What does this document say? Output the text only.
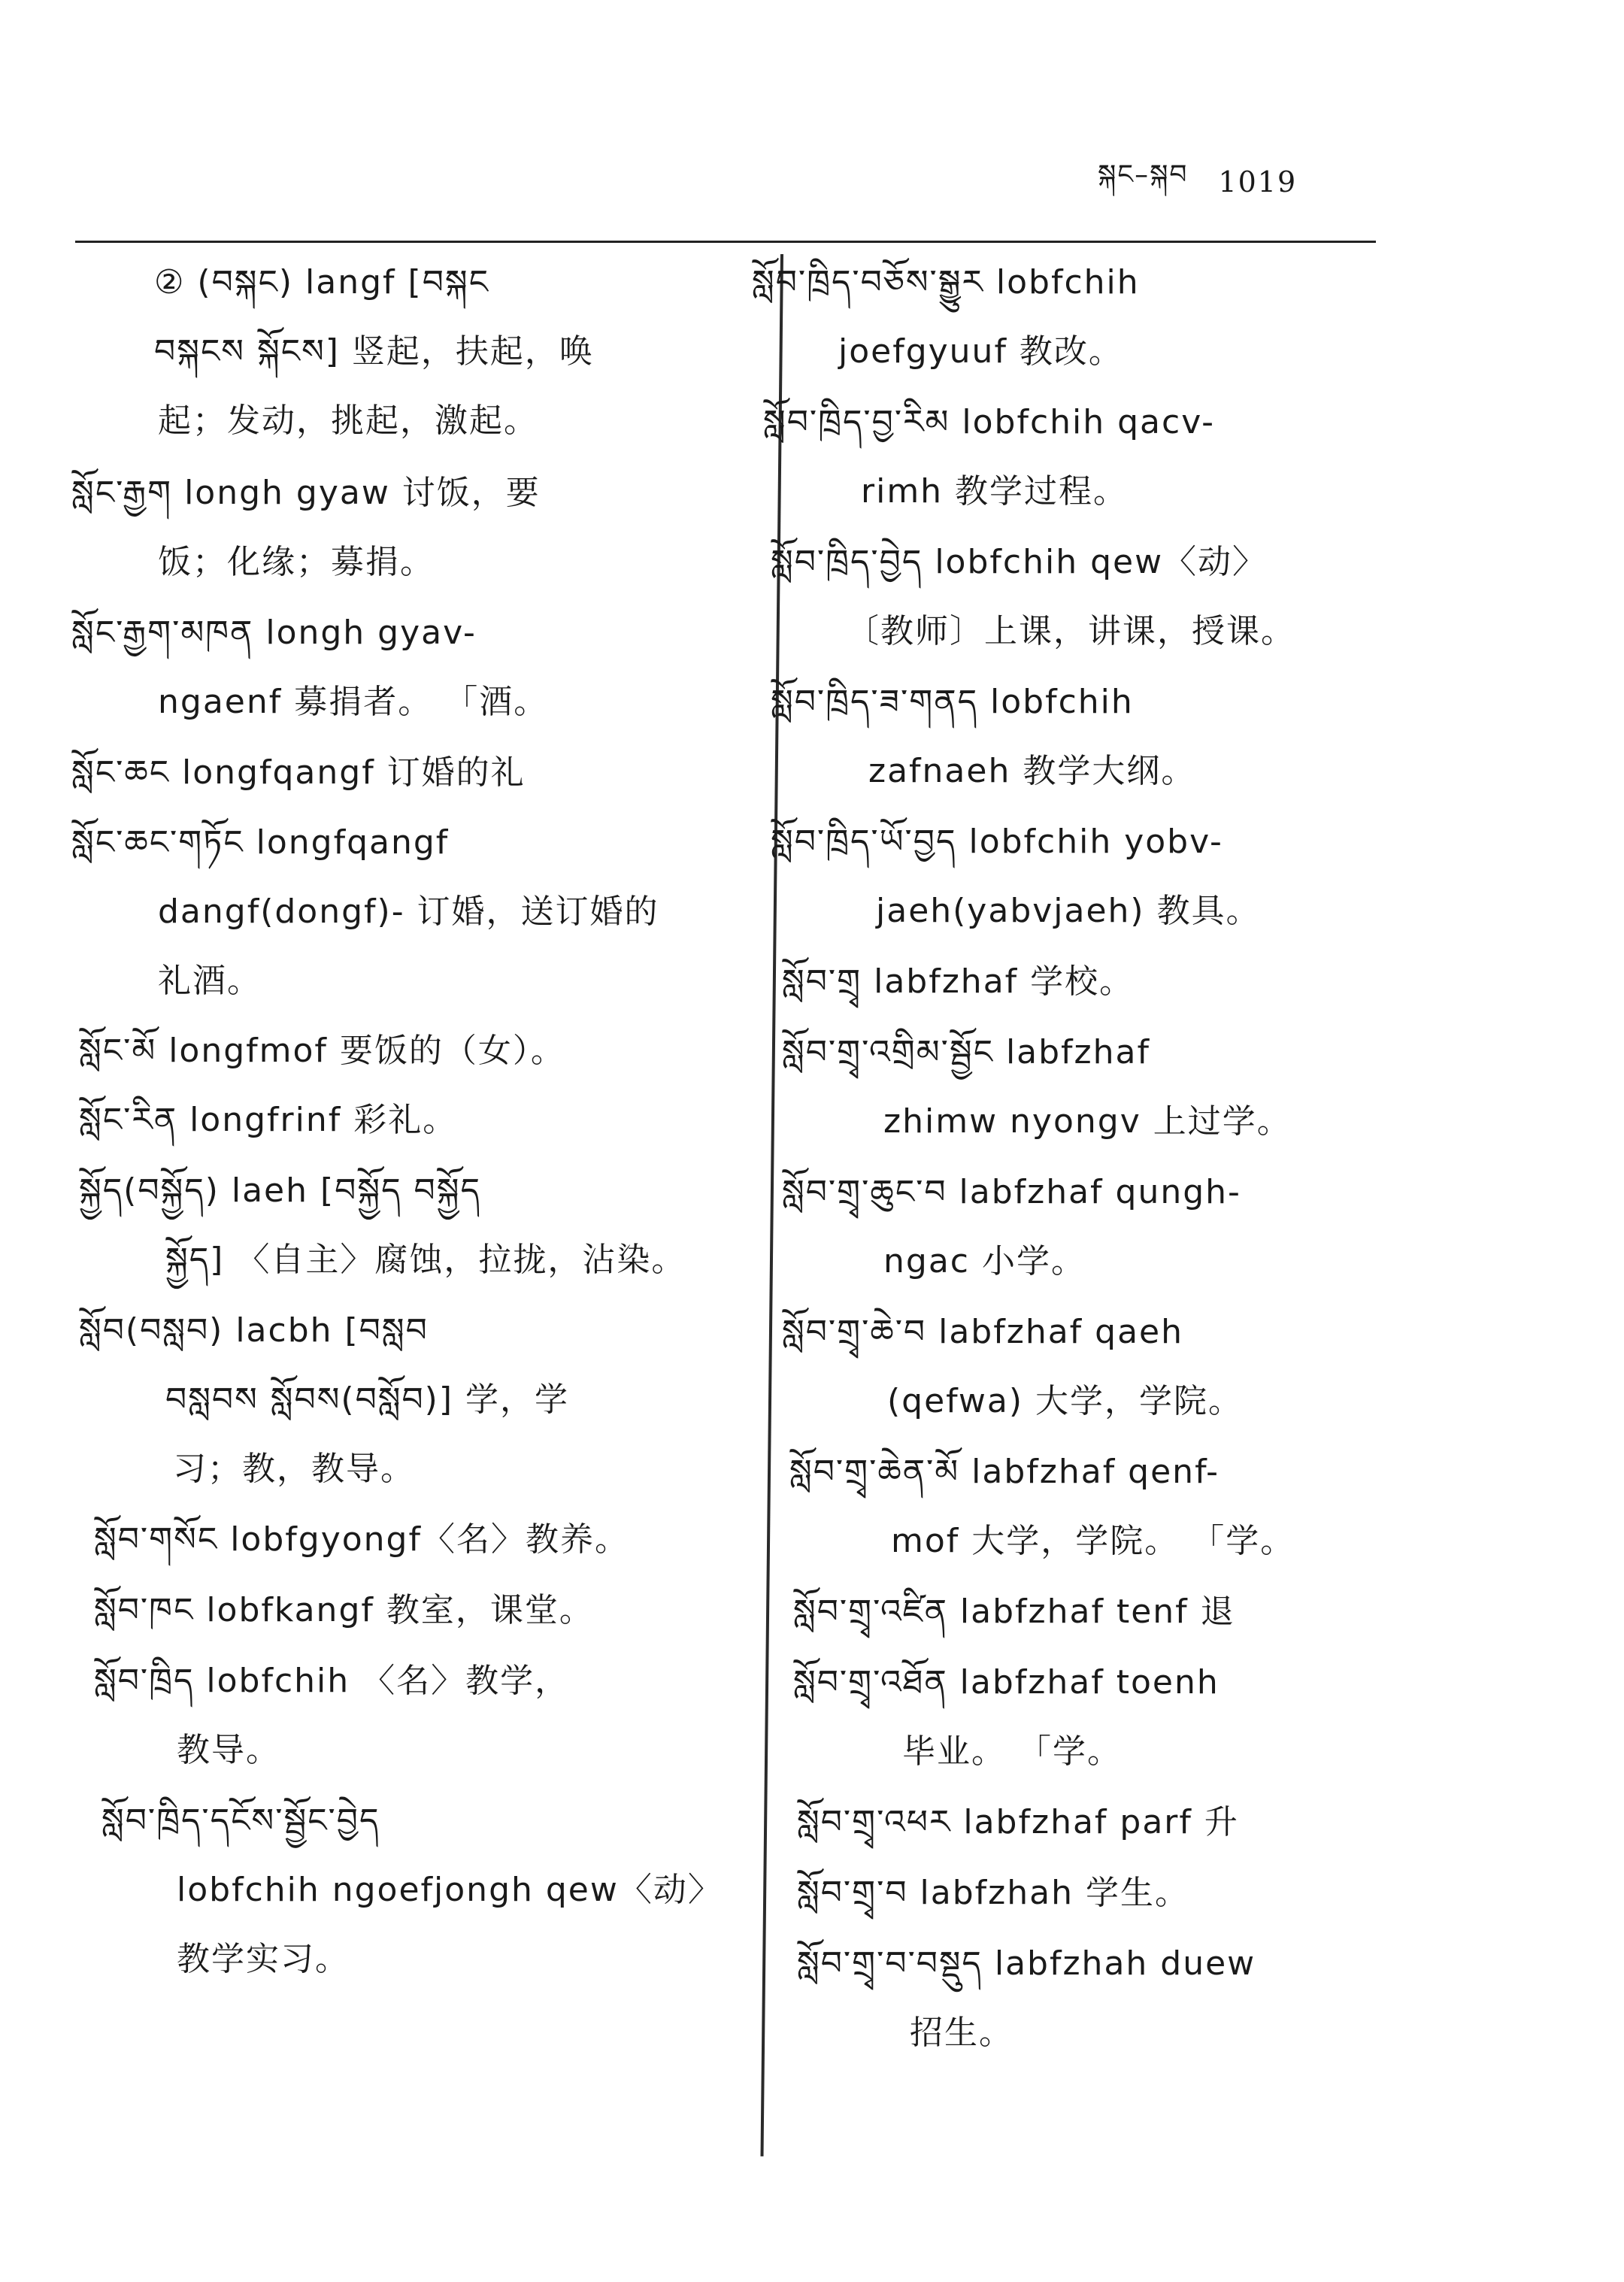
སྐང–སྐབ 1019
② (བསྐང) langf [བསྐང
བསྐངས སྐོངས] 竖起，扶起，唤
起；发动，挑起，激起。
སློང་རྒྱག longh gyaw 讨饭，要
饭；化缘；募捐。
སློང་རྒྱག་མཁན longh gyav-
ngaenf 募捐者。 「酒。
སློང་ཆང longfqangf 订婚的礼
སློང་ཆང་གཏོང longfqangf
dangf(dongf)- 订婚，送订婚的
礼酒。
སློང་མོ longfmof 要饭的（女）。
སློང་རིན longfrinf 彩礼。
སྐྱོད(བསྐྱོད) laeh [བསྐྱོད བསྐྱོད
སྐྱོད] 〈自主〉腐蚀，拉拢，沾染。
སློབ(བསླབ) lacbh [བསླབ
བསླབས སློབས(བསློབ)] 学，学
习；教，教导。
སློབ་གསོང lobfgyongf〈名〉教养。
སློབ་ཁང lobfkangf 教室，课堂。
སློབ་ཁྲིད lobfchih 〈名〉教学，
教导。
སློབ་ཁྲིད་དངོས་སྦྱོང་བྱེད
lobfchih ngoefjongh qew〈动〉
教学实习。
སློབ་ཁྲིད་བཅོས་སྒྱུར lobfchih
joefgyuuf 教改。
སློབ་ཁྲིད་བྱ་རིམ lobfchih qacv-
rimh 教学过程。
སློབ་ཁྲིད་བྱེད lobfchih qew〈动〉
〔教师〕上课，讲课，授课。
སློབ་ཁྲིད་ཟ་གནད lobfchih
zafnaeh 教学大纲。
སློབ་ཁྲིད་ཡོ་བྱད lobfchih yobv-
jaeh(yabvjaeh) 教具。
སློབ་གྲྭ labfzhaf 学校。
སློབ་གྲྭ་འགྲིམ་སྦྱོང labfzhaf
zhimw nyongv 上过学。
སློབ་གྲྭ་ཆུང་བ labfzhaf qungh-
ngac 小学。
སློབ་གྲྭ་ཆེ་བ labfzhaf qaeh
(qefwa) 大学，学院。
སློབ་གྲྭ་ཆེན་མོ labfzhaf qenf-
mof 大学，学院。 「学。
སློབ་གྲྭ་འཛིན labfzhaf tenf 退
སློབ་གྲྭ་འཐོན labfzhaf toenh
毕业。 「学。
སློབ་གྲྭ་འཕར labfzhaf parf 升
སློབ་གྲྭ་བ labfzhah 学生。
སློབ་གྲྭ་བ་བསྡུད labfzhah duew
招生。
